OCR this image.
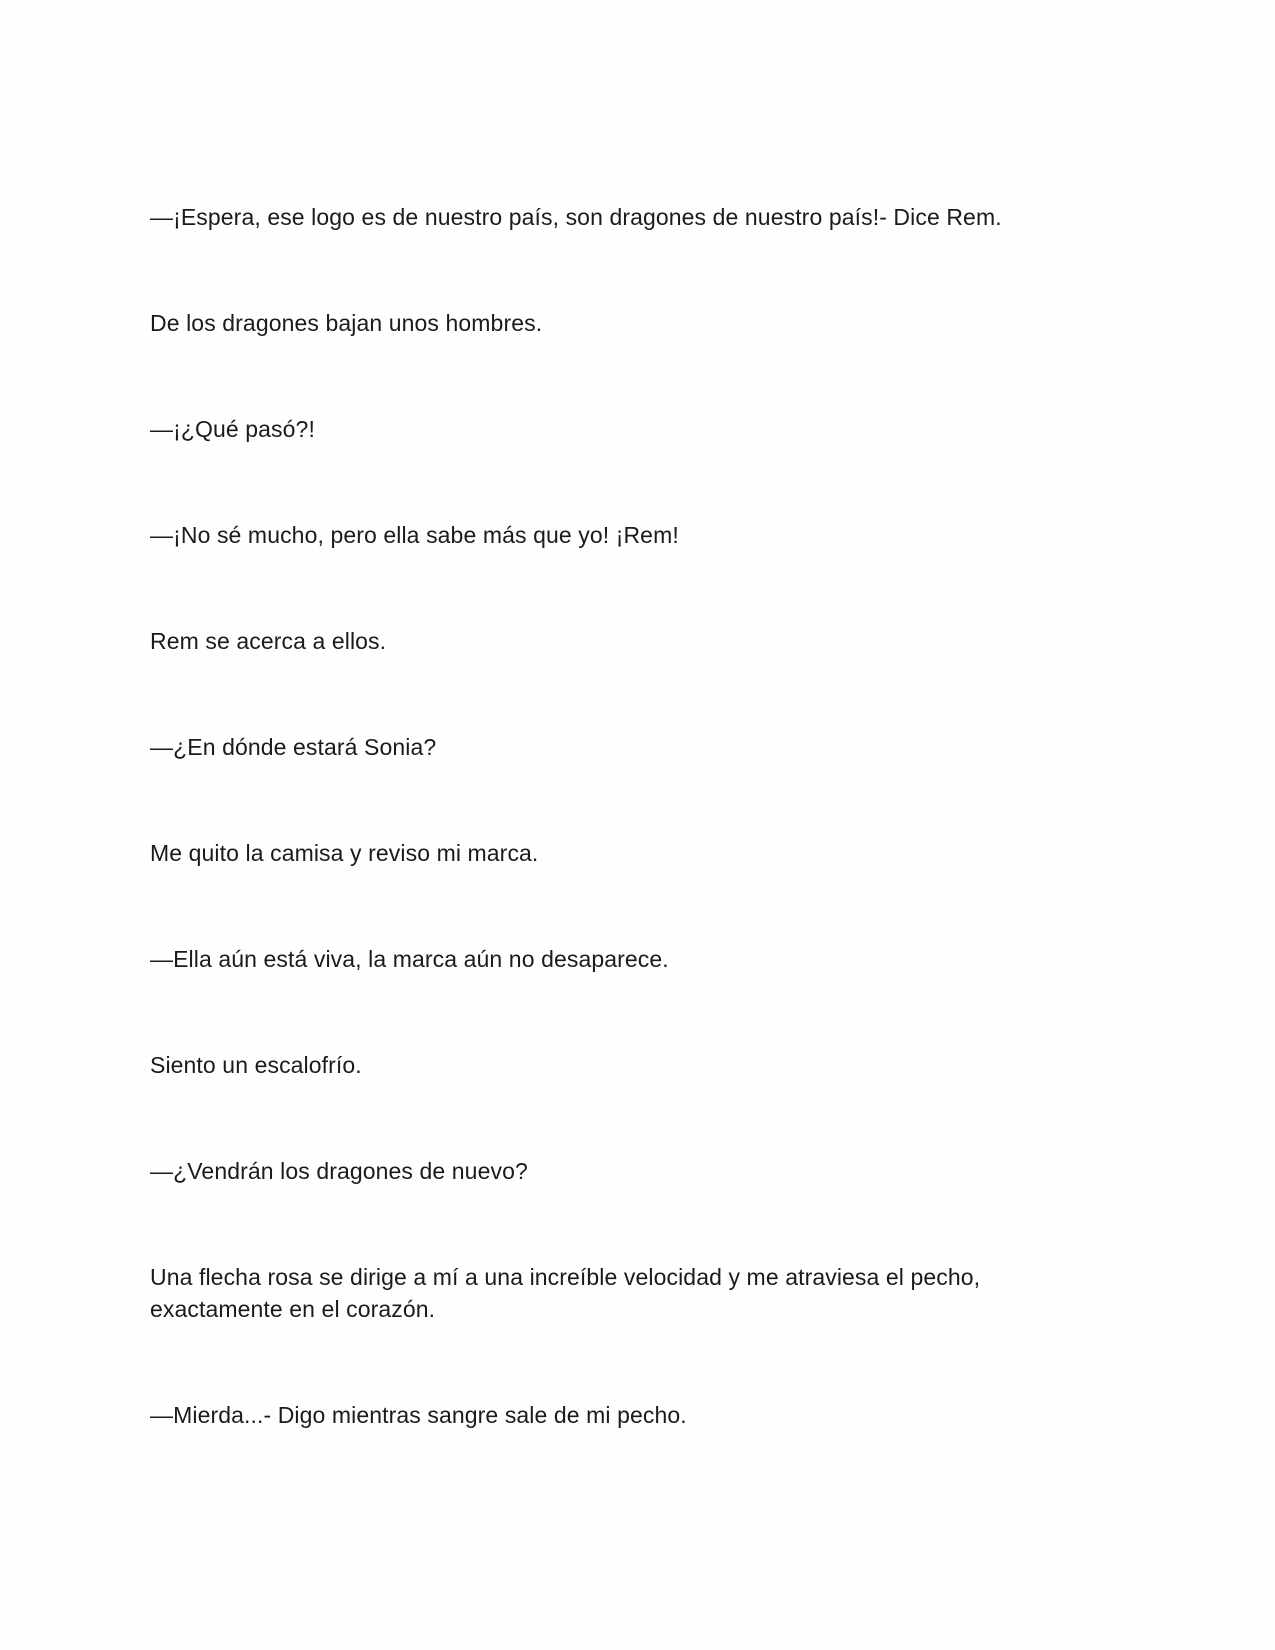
—¡Espera, ese logo es de nuestro país, son dragones de nuestro país!- Dice Rem.

De los dragones bajan unos hombres.

—¡¿Qué pasó?!

—¡No sé mucho, pero ella sabe más que yo! ¡Rem!

Rem se acerca a ellos.

—¿En dónde estará Sonia?

Me quito la camisa y reviso mi marca.

—Ella aún está viva, la marca aún no desaparece.

Siento un escalofrío.

—¿Vendrán los dragones de nuevo?

Una flecha rosa se dirige a mí a una increíble velocidad y me atraviesa el pecho, exactamente en el corazón.

—Mierda...- Digo mientras sangre sale de mi pecho.
